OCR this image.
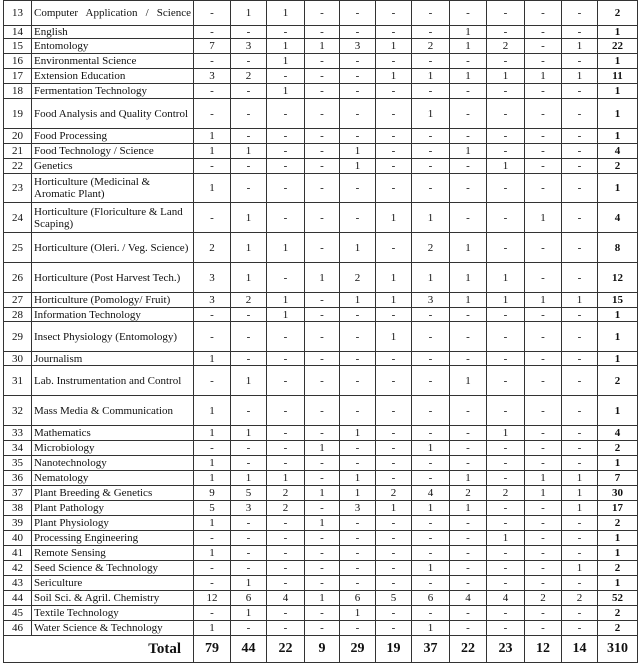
13	Computer Application / Science	-	1	1	-	-	-	-	-	-	-	-	2
14	English	-	-	-	-	-	-	-	1	-	-	-	1
15	Entomology	7	3	1	1	3	1	2	1	2	-	1	22
16	Environmental Science	-	-	1	-	-	-	-	-	-	-	-	1
17	Extension Education	3	2	-	-	-	1	1	1	1	1	1	11
18	Fermentation Technology	-	-	1	-	-	-	-	-	-	-	-	1
19	Food Analysis and Quality Control	-	-	-	-	-	-	1	-	-	-	-	1
20	Food Processing	1	-	-	-	-	-	-	-	-	-	-	1
21	Food Technology / Science	1	1	-	-	1	-	-	1	-	-	-	4
22	Genetics	-	-	-	-	1	-	-	-	1	-	-	2
23	Horticulture (Medicinal & Aromatic Plant)	1	-	-	-	-	-	-	-	-	-	-	1
24	Horticulture (Floriculture & Land Scaping)	-	1	-	-	-	1	1	-	-	1	-	4
25	Horticulture (Oleri. / Veg. Science)	2	1	1	-	1	-	2	1	-	-	-	8
26	Horticulture (Post Harvest Tech.)	3	1	-	1	2	1	1	1	1	-	-	12
27	Horticulture (Pomology/ Fruit)	3	2	1	-	1	1	3	1	1	1	1	15
28	Information Technology	-	-	1	-	-	-	-	-	-	-	-	1
29	Insect Physiology (Entomology)	-	-	-	-	-	1	-	-	-	-	-	1
30	Journalism	1	-	-	-	-	-	-	-	-	-	-	1
31	Lab. Instrumentation and Control	-	1	-	-	-	-	-	1	-	-	-	2
32	Mass Media & Communication	1	-	-	-	-	-	-	-	-	-	-	1
33	Mathematics	1	1	-	-	1	-	-	-	1	-	-	4
34	Microbiology	-	-	-	1	-	-	1	-	-	-	-	2
35	Nanotechnology	1	-	-	-	-	-	-	-	-	-	-	1
36	Nematology	1	1	1	-	1	-	-	1	-	1	1	7
37	Plant Breeding & Genetics	9	5	2	1	1	2	4	2	2	1	1	30
38	Plant Pathology	5	3	2	-	3	1	1	1	-	-	1	17
39	Plant Physiology	1	-	-	1	-	-	-	-	-	-	-	2
40	Processing Engineering	-	-	-	-	-	-	-	-	1	-	-	1
41	Remote Sensing	1	-	-	-	-	-	-	-	-	-	-	1
42	Seed Science & Technology	-	-	-	-	-	-	1	-	-	-	1	2
43	Sericulture	-	1	-	-	-	-	-	-	-	-	-	1
44	Soil Sci. & Agril. Chemistry	12	6	4	1	6	5	6	4	4	2	2	52
45	Textile Technology	-	1	-	-	1	-	-	-	-	-	-	2
46	Water Science & Technology	1	-	-	-	-	-	1	-	-	-	-	2
Total		79	44	22	9	29	19	37	22	23	12	14	310
